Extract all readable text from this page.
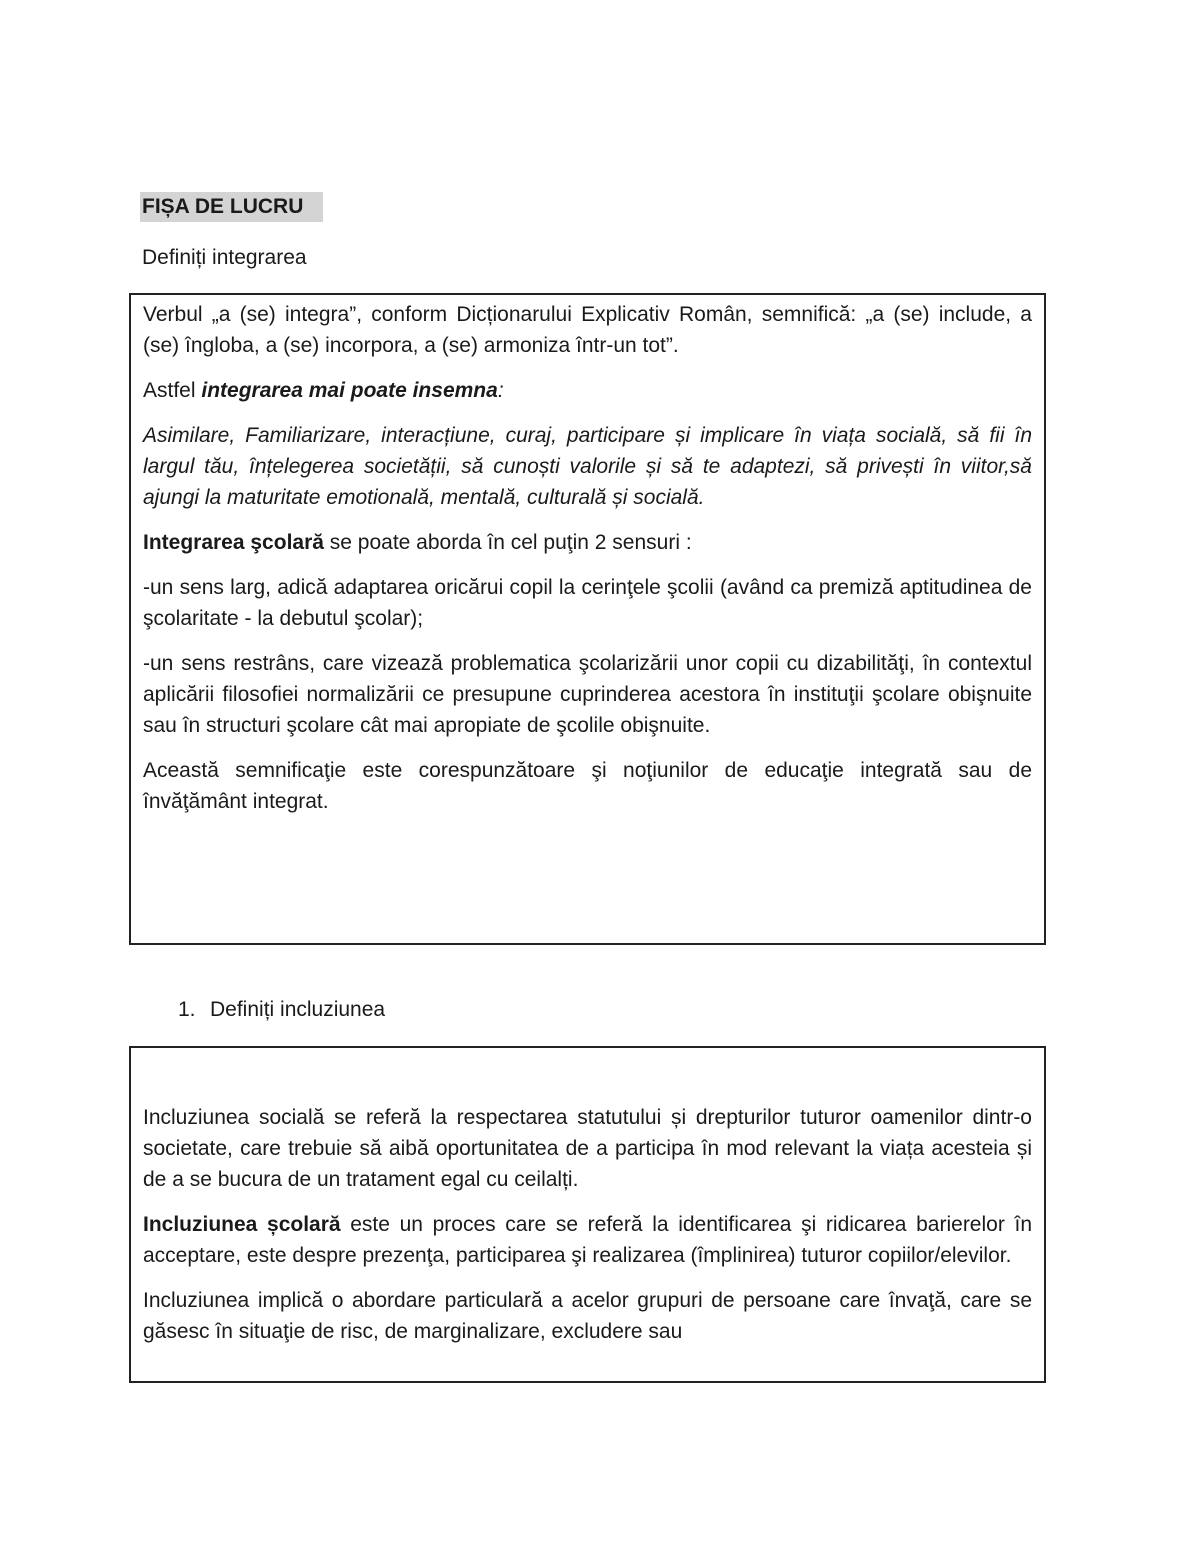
FIȘA DE LUCRU
Definiți integrarea

Verbul „a (se) integra”, conform Dicționarului Explicativ Român, semnifică: „a (se) include, a (se) îngloba, a (se) incorpora, a (se) armoniza într-un tot”.

Astfel integrarea mai poate insemna:

Asimilare, Familiarizare, interacțiune, curaj, participare și implicare în viața socială, să fii în largul tău, înțelegerea societății, să cunoști valorile și să te adaptezi, să privești în viitor,să ajungi la maturitate emotională, mentală, culturală și socială.

Integrarea şcolară se poate aborda în cel puţin 2 sensuri :

-un sens larg, adică adaptarea oricărui copil la cerinţele şcolii (având ca premiză aptitudinea de şcolaritate - la debutul şcolar);

-un sens restrâns, care vizează problematica şcolarizării unor copii cu dizabilităţi, în contextul aplicării filosofiei normalizării ce presupune cuprinderea acestora în instituţii şcolare obişnuite sau în structuri şcolare cât mai apropiate de şcolile obişnuite.

Această semnificaţie este corespunzătoare şi noţiunilor de educaţie integrată sau de învăţământ integrat.

1. Definiți incluziunea

Incluziunea socială se referă la respectarea statutului și drepturilor tuturor oamenilor dintr-o societate, care trebuie să aibă oportunitatea de a participa în mod relevant la viața acesteia și de a se bucura de un tratament egal cu ceilalți.

Incluziunea școlară este un proces care se referă la identificarea şi ridicarea barierelor în acceptare, este despre prezenţa, participarea şi realizarea (împlinirea) tuturor copiilor/elevilor.

Incluziunea implică o abordare particulară a acelor grupuri de persoane care învaţă, care se găsesc în situaţie de risc, de marginalizare, excludere sau
